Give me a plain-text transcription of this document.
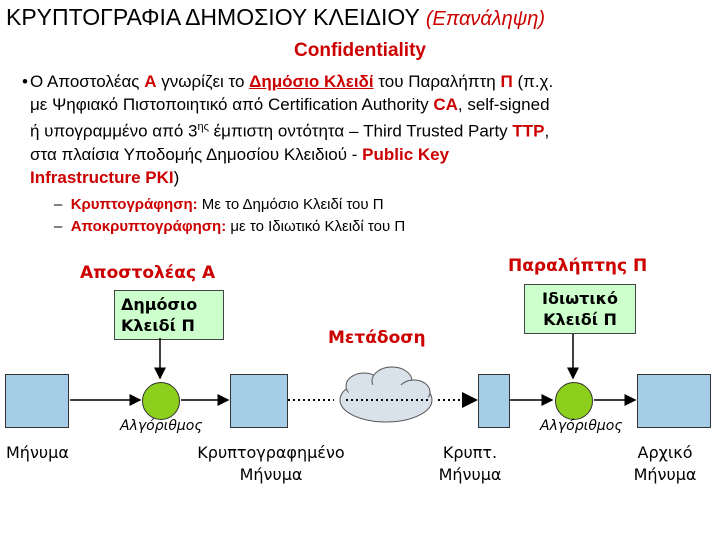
ΚΡΥΠΤΟΓΡΑΦΙΑ ΔΗΜΟΣΙΟΥ ΚΛΕΙΔΙΟΥ (Επανάληψη)
Confidentiality
• Ο Αποστολέας Α γνωρίζει το Δημόσιο Κλειδί του Παραλήπτη Π (π.χ.
με Ψηφιακό Πιστοποιητικό από Certification Authority CA, self-signed
ή υπογραμμένο από $3^{\eta\varsigma}$ έμπιστη οντότητα – Third Trusted Party TTP,
στα πλαίσια Υποδομής Δημοσίου Κλειδιού - Public Key
Infrastructure PKI)
– Κρυπτογράφηση: Με το Δημόσιο Κλειδί του Π
– Αποκρυπτογράφηση: με το Ιδιωτικό Κλειδί του Π
Αποστολέας Α	Παραλήπτης Π
Δημόσιο
Κλειδί Π
Ιδιωτικό
Κλειδί Π
Μετάδοση
Αλγόριθμος	Αλγόριθμος
Μήνυμα	Κρυπτογραφημένο
Μήνυμα
Κρυπτ.
Μήνυμα
Αρχικό
Μήνυμα
